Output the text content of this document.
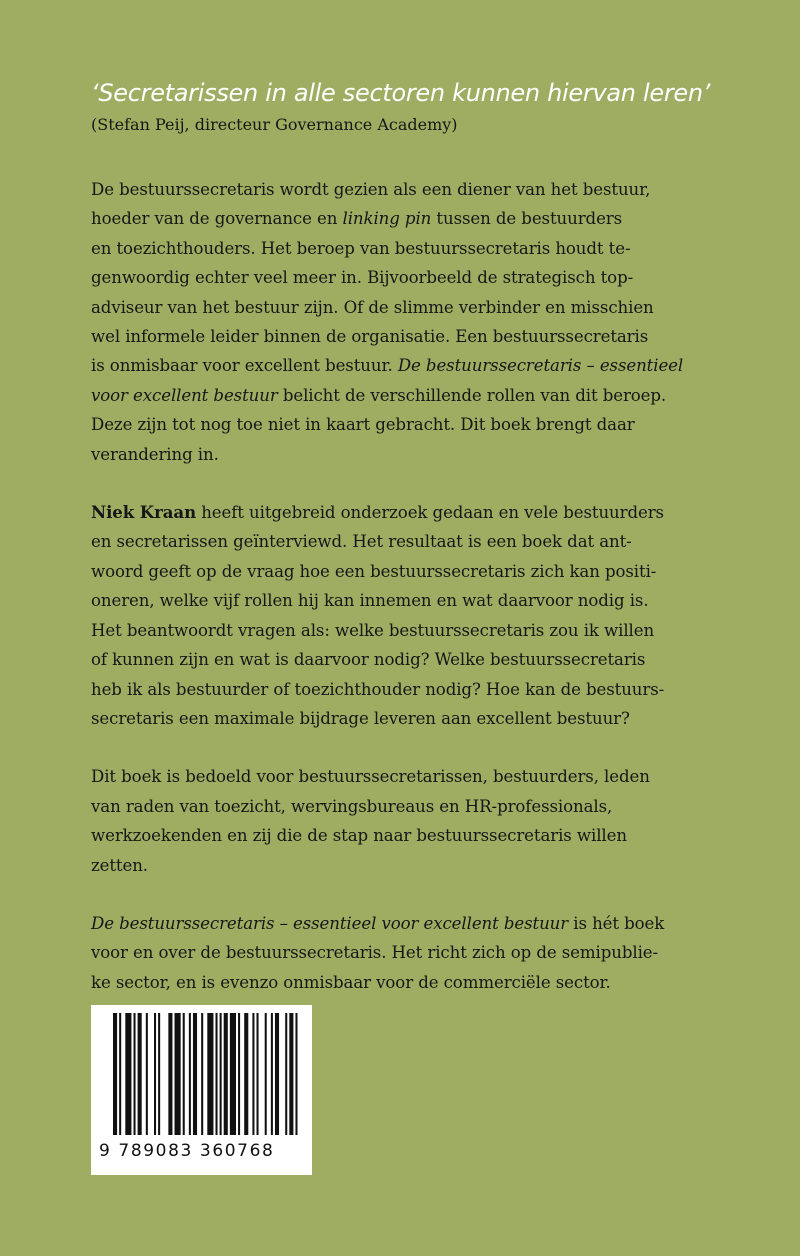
‘Secretarissen in alle sectoren kunnen hiervan leren’

(Stefan Peij, directeur Governance Academy)

De bestuurssecretaris wordt gezien als een diener van het bestuur,
hoeder van de governance en linking pin tussen de bestuurders
en toezichthouders. Het beroep van bestuurssecretaris houdt te-
genwoordig echter veel meer in. Bijvoorbeeld de strategisch top-
adviseur van het bestuur zijn. Of de slimme verbinder en misschien
wel informele leider binnen de organisatie. Een bestuurssecretaris
is onmisbaar voor excellent bestuur. De bestuurssecretaris – essentieel
voor excellent bestuur belicht de verschillende rollen van dit beroep.
Deze zijn tot nog toe niet in kaart gebracht. Dit boek brengt daar
verandering in.
Niek Kraan heeft uitgebreid onderzoek gedaan en vele bestuurders
en secretarissen geïnterviewd. Het resultaat is een boek dat ant-
woord geeft op de vraag hoe een bestuurssecretaris zich kan positi-
oneren, welke vijf rollen hij kan innemen en wat daarvoor nodig is.
Het beantwoordt vragen als: welke bestuurssecretaris zou ik willen
of kunnen zijn en wat is daarvoor nodig? Welke bestuurssecretaris
heb ik als bestuurder of toezichthouder nodig? Hoe kan de bestuurs-
secretaris een maximale bijdrage leveren aan excellent bestuur?
Dit boek is bedoeld voor bestuurssecretarissen, bestuurders, leden
van raden van toezicht, wervingsbureaus en HR-professionals,
werkzoekenden en zij die de stap naar bestuurssecretaris willen
zetten.
De bestuurssecretaris – essentieel voor excellent bestuur is hét boek
voor en over de bestuurssecretaris. Het richt zich op de semipublie-
ke sector, en is evenzo onmisbaar voor de commerciële sector.
9 789083 360768
